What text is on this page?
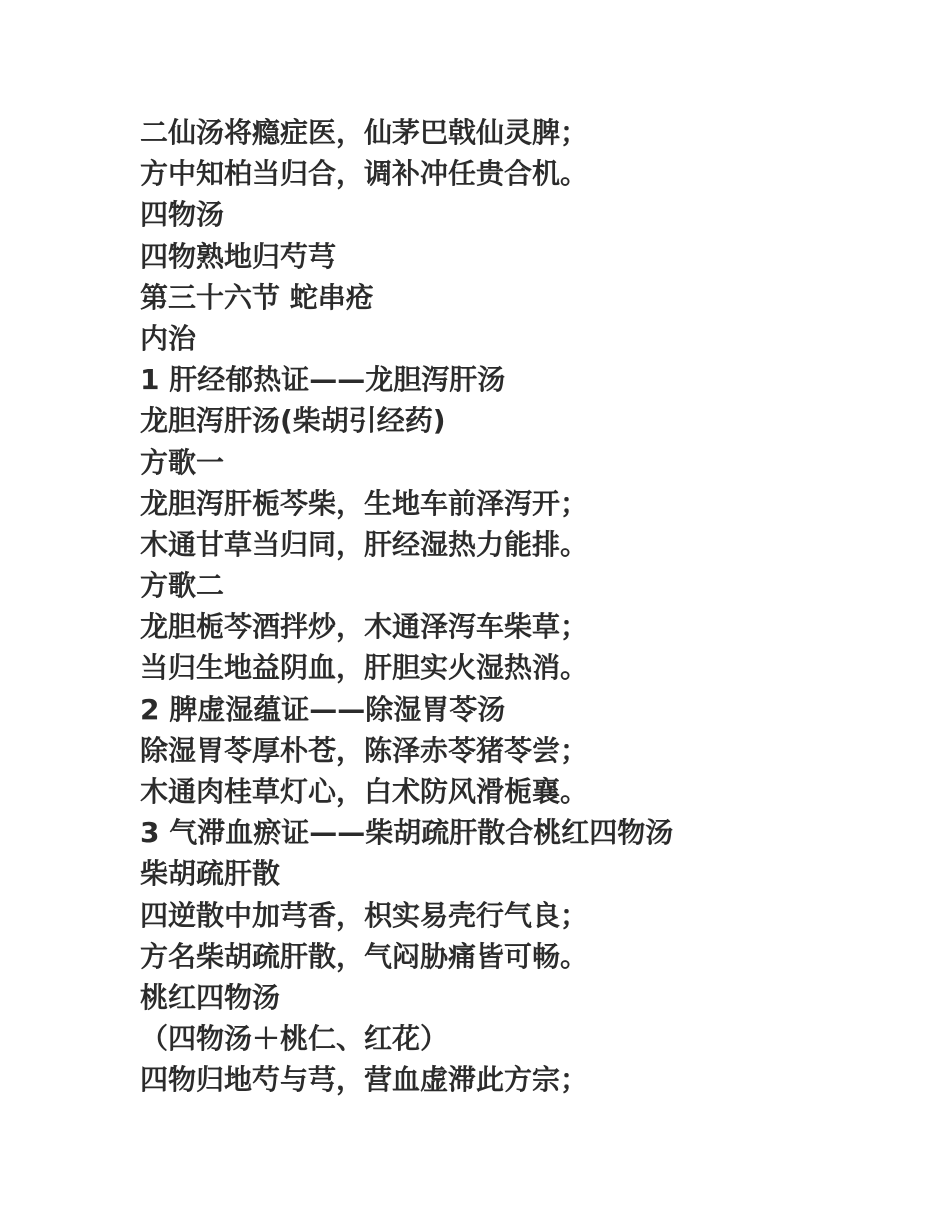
二仙汤将瘾症医，仙茅巴戟仙灵脾；
方中知柏当归合，调补冲任贵合机。
四物汤
四物熟地归芍芎
第三十六节 蛇串疮
内治
1 肝经郁热证——龙胆泻肝汤
龙胆泻肝汤(柴胡引经药)
方歌一
龙胆泻肝栀芩柴，生地车前泽泻开；
木通甘草当归同，肝经湿热力能排。
方歌二
龙胆栀芩酒拌炒，木通泽泻车柴草；
当归生地益阴血，肝胆实火湿热消。
2 脾虚湿蕴证——除湿胃苓汤
除湿胃苓厚朴苍，陈泽赤苓猪苓尝；
木通肉桂草灯心，白术防风滑栀襄。
3 气滞血瘀证——柴胡疏肝散合桃红四物汤
柴胡疏肝散
四逆散中加芎香，枳实易壳行气良；
方名柴胡疏肝散，气闷胁痛皆可畅。
桃红四物汤
（四物汤＋桃仁、红花）
四物归地芍与芎，营血虚滞此方宗；
